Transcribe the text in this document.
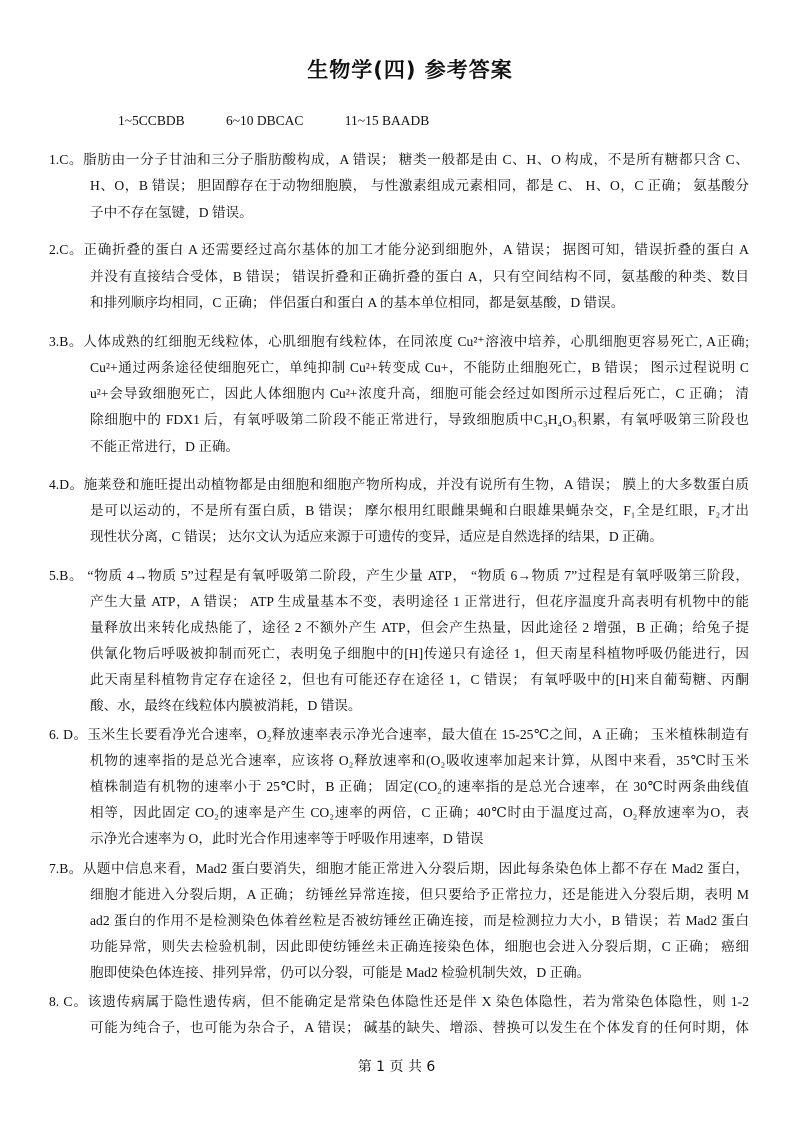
生物学(四) 参考答案
1~5CCBDB	6~10 DBCAC	11~15 BAADB
1.C。脂肪由一分子甘油和三分子脂肪酸构成，A 错误； 糖类一般都是由 C、H、O 构成，不是所有糖都只含 C、
H、O，B 错误； 胆固醇存在于动物细胞膜， 与性激素组成元素相同，都是 C、 H、O，C 正确； 氨基酸分
子中不存在氢键，D 错误。
2.C。正确折叠的蛋白 A 还需要经过高尔基体的加工才能分泌到细胞外，A 错误； 据图可知，错误折叠的蛋白 A
并没有直接结合受体，B 错误； 错误折叠和正确折叠的蛋白 A，只有空间结构不同，氨基酸的种类、数目
和排列顺序均相同，C 正确； 伴侣蛋白和蛋白 A 的基本单位相同，都是氨基酸，D 错误。
3.B。人体成熟的红细胞无线粒体，心肌细胞有线粒体，在同浓度 Cu²⁺溶液中培养，心肌细胞更容易死亡, A正确;
Cu²+通过两条途径使细胞死亡，单纯抑制 Cu²+转变成 Cu+，不能防止细胞死亡，B 错误； 图示过程说明 C
u²+会导致细胞死亡，因此人体细胞内 Cu²+浓度升高，细胞可能会经过如图所示过程后死亡，C 正确； 清
除细胞中的 FDX1 后，有氧呼吸第二阶段不能正常进行，导致细胞质中C₃H₄O₃积累，有氧呼吸第三阶段也
不能正常进行，D 正确。
4.D。施莱登和施旺提出动植物都是由细胞和细胞产物所构成，并没有说所有生物，A 错误； 膜上的大多数蛋白质
是可以运动的，不是所有蛋白质，B 错误； 摩尔根用红眼雌果蝇和白眼雄果蝇杂交，F₁全是红眼，F₂才出
现性状分离，C 错误； 达尔文认为适应来源于可遗传的变异，适应是自然选择的结果，D 正确。
5.B。 “物质 4→物质 5”过程是有氧呼吸第二阶段，产生少量 ATP， “物质 6→物质 7”过程是有氧呼吸第三阶段，
产生大量 ATP，A 错误； ATP 生成量基本不变，表明途径 1 正常进行，但花序温度升高表明有机物中的能
量释放出来转化成热能了，途径 2 不额外产生 ATP，但会产生热量，因此途径 2 增强，B 正确；给兔子提
供氰化物后呼吸被抑制而死亡，表明兔子细胞中的[H]传递只有途径 1，但天南星科植物呼吸仍能进行，因
此天南星科植物肯定存在途径 2，但也有可能还存在途径 1，C 错误； 有氧呼吸中的[H]来自葡萄糖、丙酮
酸、水，最终在线粒体内膜被消耗，D 错误。
6. D。玉米生长要看净光合速率，O₂释放速率表示净光合速率，最大值在 15-25℃之间，A 正确； 玉米植株制造有
机物的速率指的是总光合速率，应该将 O₂释放速率和(O₂吸收速率加起来计算，从图中来看，35℃时玉米
植株制造有机物的速率小于 25℃时，B 正确； 固定(CO₂的速率指的是总光合速率，在 30℃时两条曲线值
相等，因此固定 CO₂的速率是产生 CO₂速率的两倍，C 正确；40℃时由于温度过高，O₂释放速率为O，表
示净光合速率为 O，此时光合作用速率等于呼吸作用速率，D 错误
7.B。从题中信息来看，Mad2 蛋白要消失，细胞才能正常进入分裂后期，因此每条染色体上都不存在 Mad2 蛋白，
细胞才能进入分裂后期，A 正确； 纺锤丝异常连接，但只要给予正常拉力，还是能进入分裂后期，表明 M
ad2 蛋白的作用不是检测染色体着丝粒是否被纺锤丝正确连接，而是检测拉力大小，B 错误；若 Mad2 蛋白
功能异常，则失去检验机制，因此即使纺锤丝未正确连接染色体，细胞也会进入分裂后期，C 正确； 癌细
胞即使染色体连接、排列异常，仍可以分裂，可能是 Mad2 检验机制失效，D 正确。
8. C。该遗传病属于隐性遗传病，但不能确定是常染色体隐性还是伴 X 染色体隐性，若为常染色体隐性，则 1-2
可能为纯合子，也可能为杂合子，A 错误； 碱基的缺失、增添、替换可以发生在个体发育的任何时期，体
第 1 页 共 6
